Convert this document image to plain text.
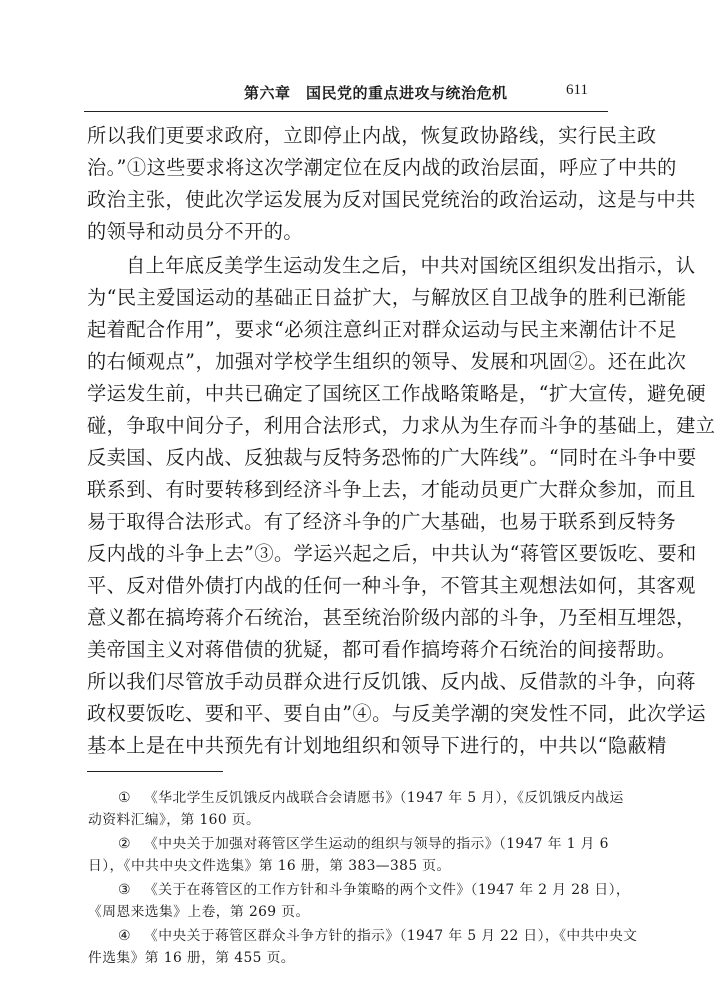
第六章　国民党的重点进攻与统治危机	611
所以我们更要求政府，立即停止内战，恢复政协路线，实行民主政
治。”①这些要求将这次学潮定位在反内战的政治层面，呼应了中共的
政治主张，使此次学运发展为反对国民党统治的政治运动，这是与中共
的领导和动员分不开的。
自上年底反美学生运动发生之后，中共对国统区组织发出指示，认
为“民主爱国运动的基础正日益扩大，与解放区自卫战争的胜利已渐能
起着配合作用”，要求“必须注意纠正对群众运动与民主来潮估计不足
的右倾观点”，加强对学校学生组织的领导、发展和巩固②。还在此次
学运发生前，中共已确定了国统区工作战略策略是，“扩大宣传，避免硬
碰，争取中间分子，利用合法形式，力求从为生存而斗争的基础上，建立
反卖国、反内战、反独裁与反特务恐怖的广大阵线”。“同时在斗争中要
联系到、有时要转移到经济斗争上去，才能动员更广大群众参加，而且
易于取得合法形式。有了经济斗争的广大基础，也易于联系到反特务
反内战的斗争上去”③。学运兴起之后，中共认为“蒋管区要饭吃、要和
平、反对借外债打内战的任何一种斗争，不管其主观想法如何，其客观
意义都在搞垮蒋介石统治，甚至统治阶级内部的斗争，乃至相互埋怨，
美帝国主义对蒋借债的犹疑，都可看作搞垮蒋介石统治的间接帮助。
所以我们尽管放手动员群众进行反饥饿、反内战、反借款的斗争，向蒋
政权要饭吃、要和平、要自由”④。与反美学潮的突发性不同，此次学运
基本上是在中共预先有计划地组织和领导下进行的，中共以“隐蔽精
① 《华北学生反饥饿反内战联合会请愿书》（1947 年 5 月），《反饥饿反内战运
动资料汇编》，第 160 页。
② 《中央关于加强对蒋管区学生运动的组织与领导的指示》（1947 年 1 月 6
日），《中共中央文件选集》第 16 册，第 383—385 页。
③ 《关于在蒋管区的工作方针和斗争策略的两个文件》（1947 年 2 月 28 日），
《周恩来选集》上卷，第 269 页。
④ 《中央关于蒋管区群众斗争方针的指示》（1947 年 5 月 22 日），《中共中央文
件选集》第 16 册，第 455 页。
